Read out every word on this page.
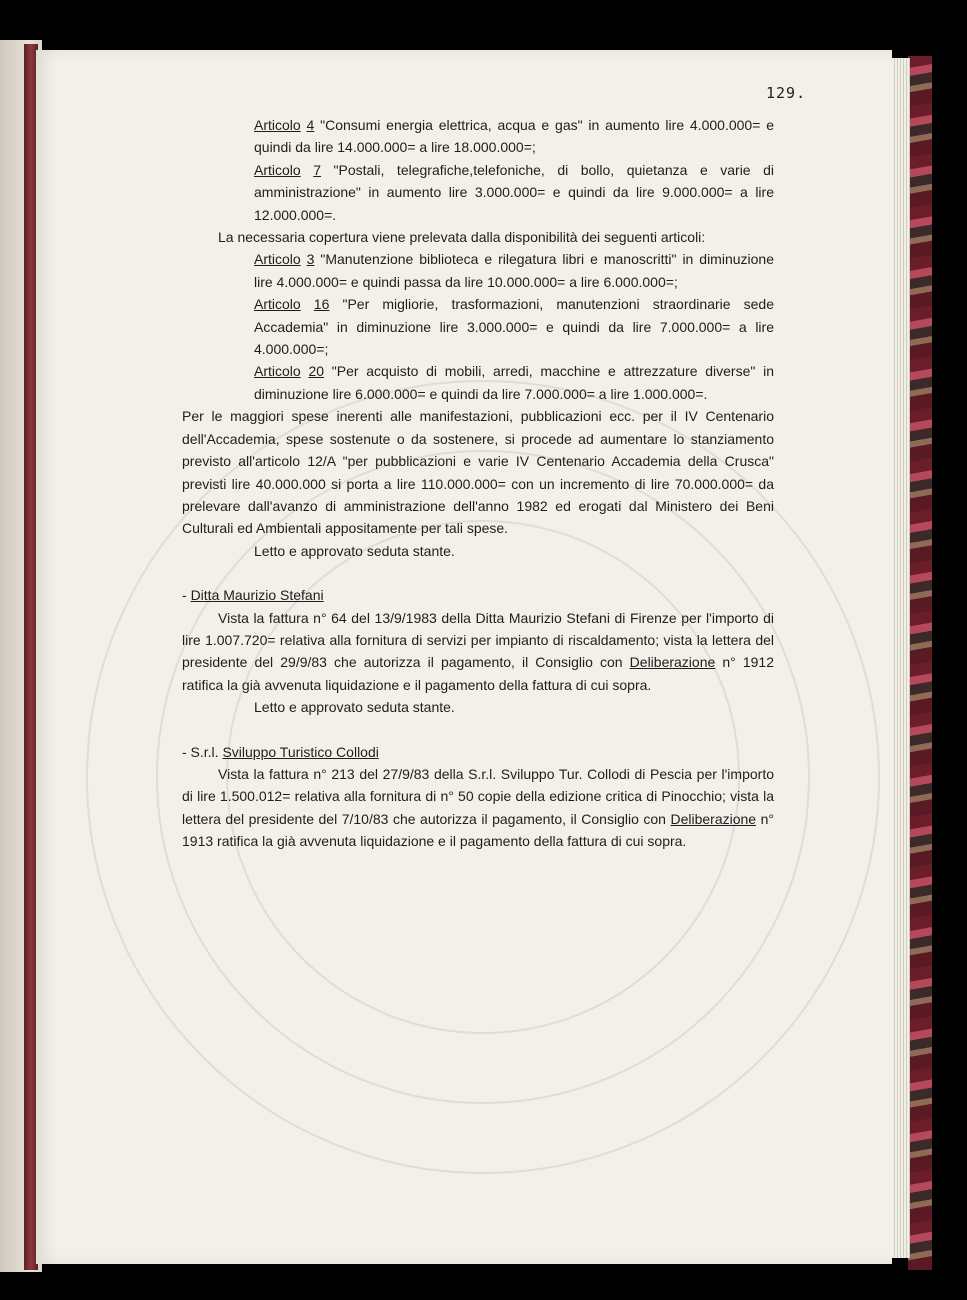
129.

Articolo 4 "Consumi energia elettrica, acqua e gas" in aumento lire 4.000.000= e quindi da lire 14.000.000= a lire 18.000.000=;

Articolo 7 "Postali, telegrafiche,telefoniche, di bollo, quietanza e varie di amministrazione" in aumento lire 3.000.000= e quindi da lire 9.000.000= a lire 12.000.000=.

La necessaria copertura viene prelevata dalla disponibilità dei seguenti articoli:

Articolo 3 "Manutenzione biblioteca e rilegatura libri e manoscritti" in diminuzione lire 4.000.000= e quindi passa da lire 10.000.000= a lire 6.000.000=;

Articolo 16 "Per migliorie, trasformazioni, manutenzioni straordinarie sede Accademia" in diminuzione lire 3.000.000= e quindi da lire 7.000.000= a lire 4.000.000=;

Articolo 20 "Per acquisto di mobili, arredi, macchine e attrezzature diverse" in diminuzione lire 6.000.000= e quindi da lire 7.000.000= a lire 1.000.000=.

Per le maggiori spese inerenti alle manifestazioni, pubblicazioni ecc. per il IV Centenario dell'Accademia, spese sostenute o da sostenere, si procede ad aumentare lo stanziamento previsto all'articolo 12/A "per pubblicazioni e varie IV Centenario Accademia della Crusca" previsti lire 40.000.000 si porta a lire 110.000.000= con un incremento di lire 70.000.000= da prelevare dall'avanzo di amministrazione dell'anno 1982 ed erogati dal Ministero dei Beni Culturali ed Ambientali appositamente per tali spese.

Letto e approvato seduta stante.

- Ditta Maurizio Stefani

Vista la fattura n° 64 del 13/9/1983 della Ditta Maurizio Stefani di Firenze per l'importo di lire 1.007.720= relativa alla fornitura di servizi per impianto di riscaldamento; vista la lettera del presidente del 29/9/83 che autorizza il pagamento, il Consiglio con Deliberazione n° 1912 ratifica la già avvenuta liquidazione e il pagamento della fattura di cui sopra.

Letto e approvato seduta stante.

- S.r.l. Sviluppo Turistico Collodi

Vista la fattura n° 213 del 27/9/83 della S.r.l. Sviluppo Tur. Collodi di Pescia per l'importo di lire 1.500.012= relativa alla fornitura di n° 50 copie della edizione critica di Pinocchio; vista la lettera del presidente del 7/10/83 che autorizza il pagamento, il Consiglio con Deliberazione n° 1913 ratifica la già avvenuta liquidazione e il pagamento della fattura di cui sopra.
